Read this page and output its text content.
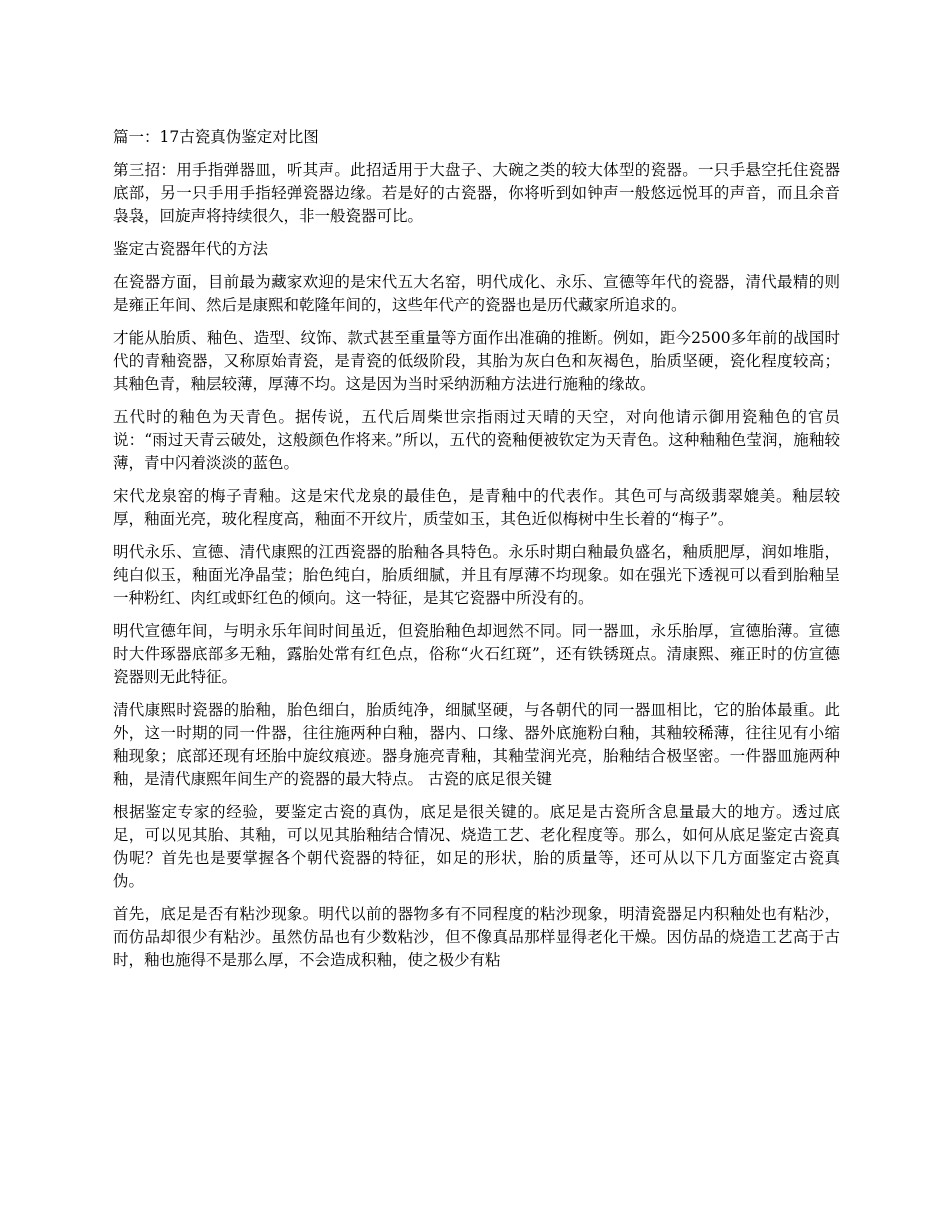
篇一：17古瓷真伪鉴定对比图

第三招：用手指弹器皿，听其声。此招适用于大盘子、大碗之类的较大体型的瓷器。一只手悬空托住瓷器底部，另一只手用手指轻弹瓷器边缘。若是好的古瓷器，你将听到如钟声一般悠远悦耳的声音，而且余音袅袅，回旋声将持续很久，非一般瓷器可比。

鉴定古瓷器年代的方法

在瓷器方面，目前最为藏家欢迎的是宋代五大名窑，明代成化、永乐、宣德等年代的瓷器，清代最精的则是雍正年间、然后是康熙和乾隆年间的，这些年代产的瓷器也是历代藏家所追求的。

才能从胎质、釉色、造型、纹饰、款式甚至重量等方面作出准确的推断。例如，距今2500多年前的战国时代的青釉瓷器，又称原始青瓷，是青瓷的低级阶段，其胎为灰白色和灰褐色，胎质坚硬，瓷化程度较高；其釉色青，釉层较薄，厚薄不均。这是因为当时采纳沥釉方法进行施釉的缘故。

五代时的釉色为天青色。据传说，五代后周柴世宗指雨过天晴的天空，对向他请示御用瓷釉色的官员说：“雨过天青云破处，这般颜色作将来。”所以，五代的瓷釉便被钦定为天青色。这种釉釉色莹润，施釉较薄，青中闪着淡淡的蓝色。

宋代龙泉窑的梅子青釉。这是宋代龙泉的最佳色，是青釉中的代表作。其色可与高级翡翠媲美。釉层较厚，釉面光亮，玻化程度高，釉面不开纹片，质莹如玉，其色近似梅树中生长着的“梅子”。

明代永乐、宣德、清代康熙的江西瓷器的胎釉各具特色。永乐时期白釉最负盛名，釉质肥厚，润如堆脂，纯白似玉，釉面光净晶莹；胎色纯白，胎质细腻，并且有厚薄不均现象。如在强光下透视可以看到胎釉呈一种粉红、肉红或虾红色的倾向。这一特征，是其它瓷器中所没有的。

明代宣德年间，与明永乐年间时间虽近，但瓷胎釉色却迥然不同。同一器皿，永乐胎厚，宣德胎薄。宣德时大件琢器底部多无釉，露胎处常有红色点，俗称“火石红斑”，还有铁锈斑点。清康熙、雍正时的仿宣德瓷器则无此特征。

清代康熙时瓷器的胎釉，胎色细白，胎质纯净，细腻坚硬，与各朝代的同一器皿相比，它的胎体最重。此外，这一时期的同一件器，往往施两种白釉，器内、口缘、器外底施粉白釉，其釉较稀薄，往往见有小缩釉现象；底部还现有坯胎中旋纹痕迹。器身施亮青釉，其釉莹润光亮，胎釉结合极坚密。一件器皿施两种釉，是清代康熙年间生产的瓷器的最大特点。 古瓷的底足很关键

根据鉴定专家的经验，要鉴定古瓷的真伪，底足是很关键的。底足是古瓷所含息量最大的地方。透过底足，可以见其胎、其釉，可以见其胎釉结合情况、烧造工艺、老化程度等。那么，如何从底足鉴定古瓷真伪呢？首先也是要掌握各个朝代瓷器的特征，如足的形状，胎的质量等，还可从以下几方面鉴定古瓷真伪。

首先，底足是否有粘沙现象。明代以前的器物多有不同程度的粘沙现象，明清瓷器足内积釉处也有粘沙，而仿品却很少有粘沙。虽然仿品也有少数粘沙，但不像真品那样显得老化干燥。因仿品的烧造工艺高于古时，釉也施得不是那么厚，不会造成积釉，使之极少有粘
